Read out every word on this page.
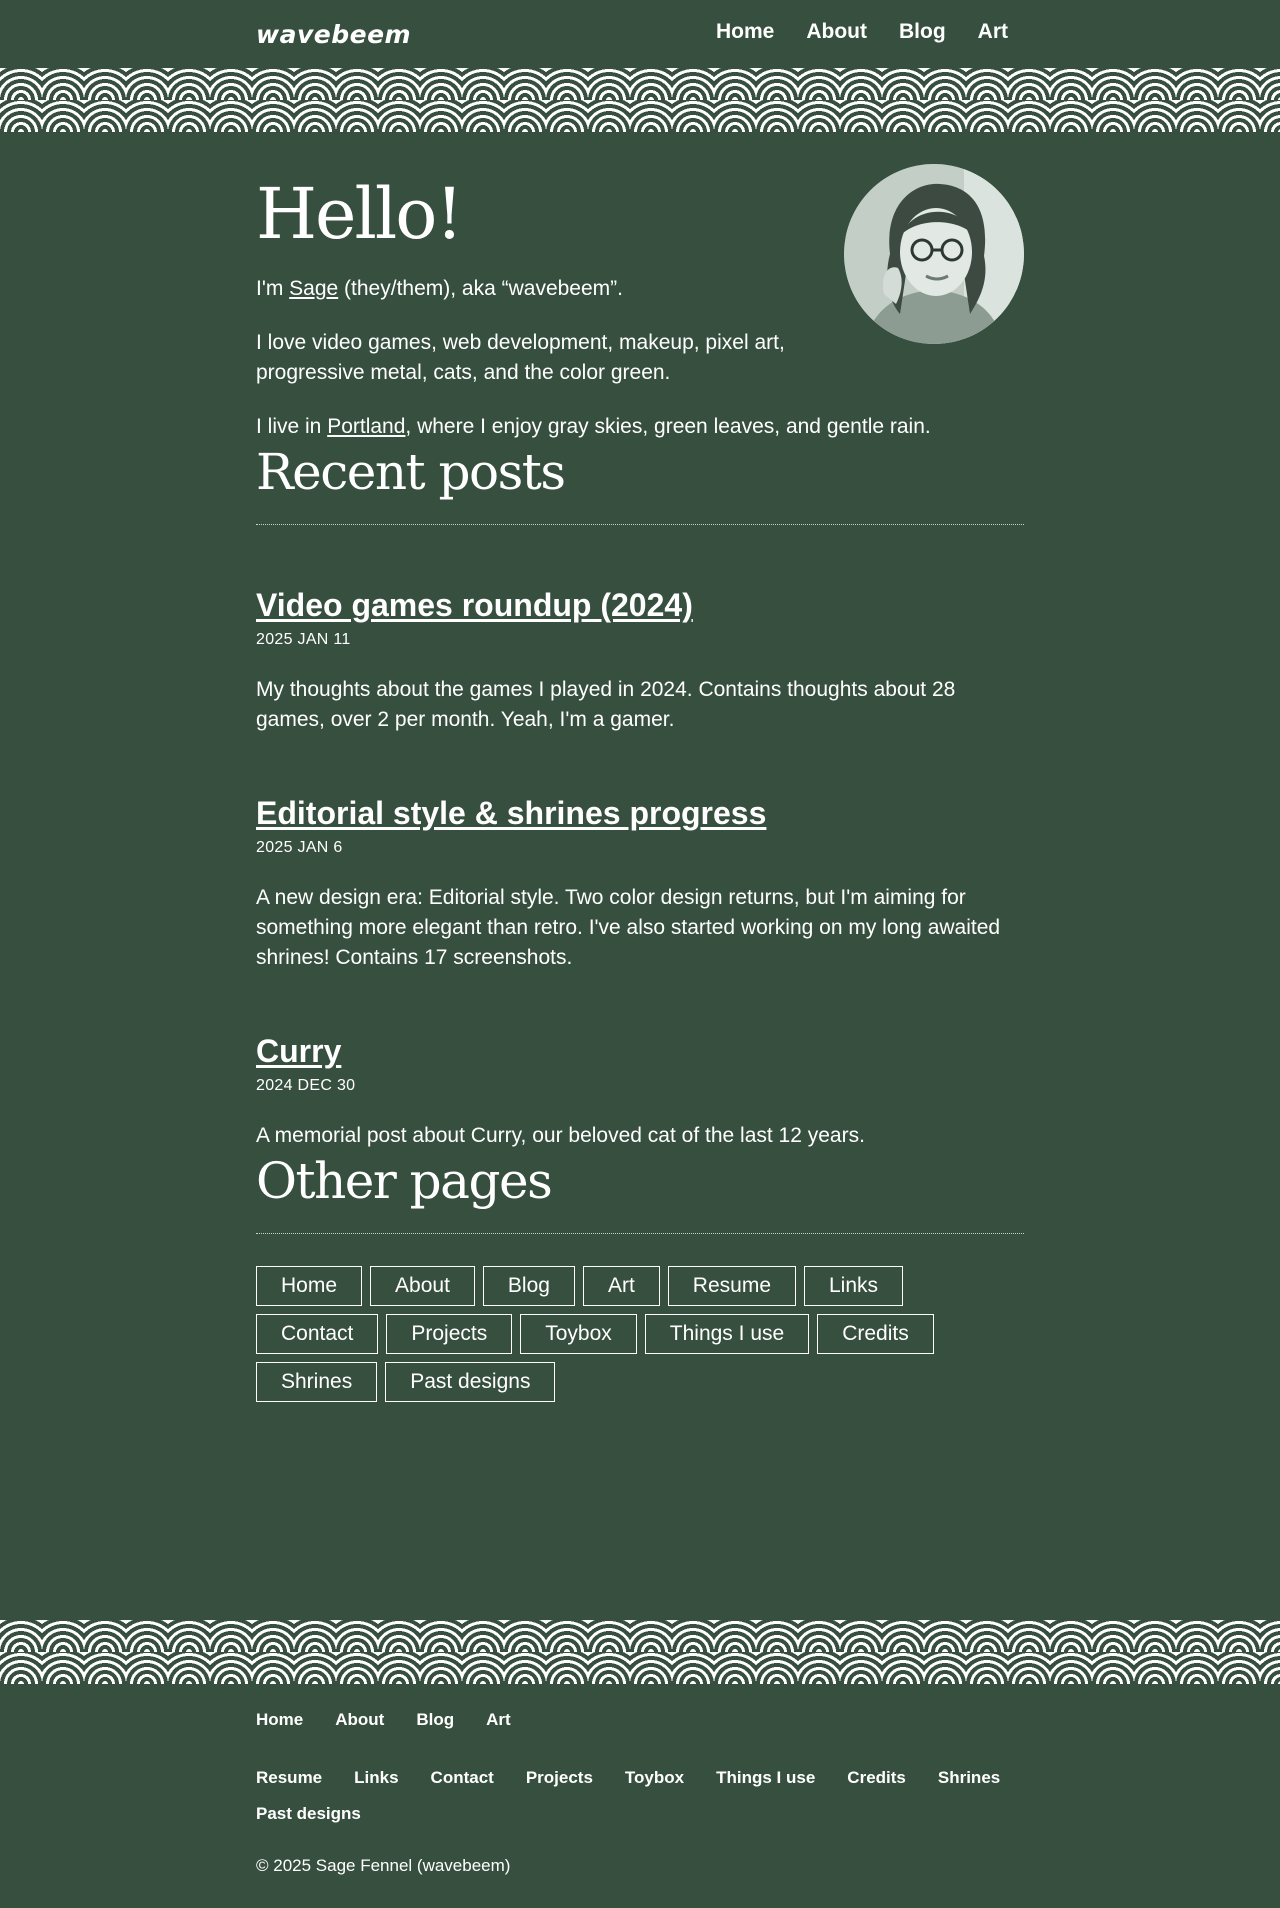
wavebeem	Home About Blog Art
Hello!

I'm Sage (they/them), aka “wavebeem”.

I love video games, web development, makeup, pixel art, progressive metal, cats, and the color green.

I live in Portland, where I enjoy gray skies, green leaves, and gentle rain.

Recent posts
Video games roundup (2024)
2025 JAN 11

My thoughts about the games I played in 2024. Contains thoughts about 28 games, over 2 per month. Yeah, I'm a gamer.

Editorial style & shrines progress
2025 JAN 6

A new design era: Editorial style. Two color design returns, but I'm aiming for something more elegant than retro. I've also started working on my long awaited shrines! Contains 17 screenshots.

Curry
2024 DEC 30

A memorial post about Curry, our beloved cat of the last 12 years.

Other pages
Home	About	Blog	Art	Resume	Links
Contact	Projects	Toybox	Things I use	Credits
Shrines	Past designs
Home About Blog Art
Resume Links Contact Projects Toybox Things I use Credits Shrines
Past designs
© 2025 Sage Fennel (wavebeem)
